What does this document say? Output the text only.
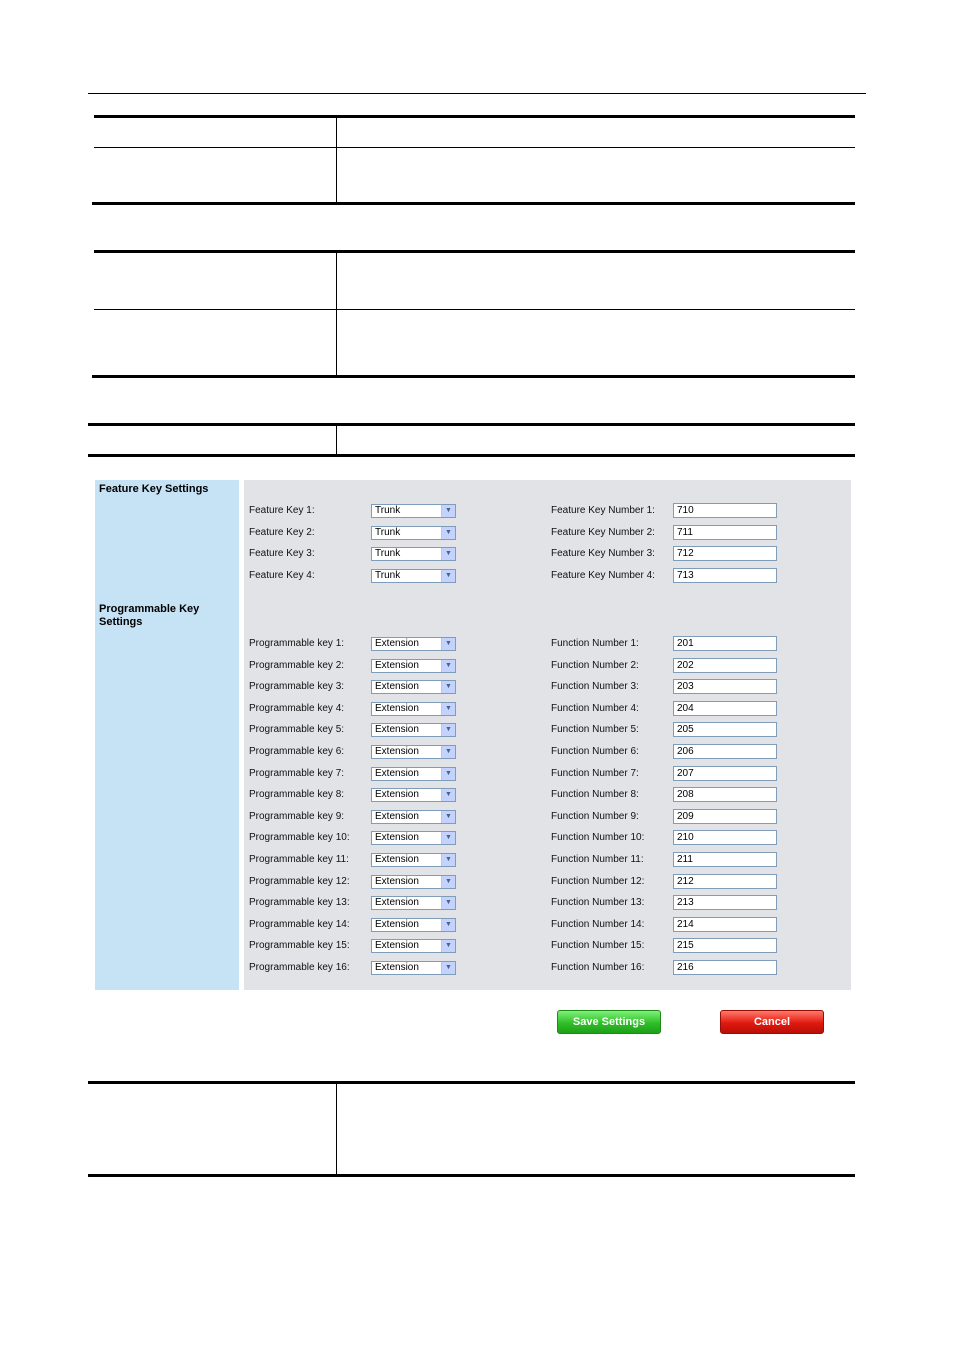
Feature Key Settings
Programmable Key Settings
Feature Key 1:	Trunk	▼	Feature Key Number 1:	710
Feature Key 2:	Trunk	▼	Feature Key Number 2:	711
Feature Key 3:	Trunk	▼	Feature Key Number 3:	712
Feature Key 4:	Trunk	▼	Feature Key Number 4:	713
Programmable key 1:	Extension	▼	Function Number 1:	201
Programmable key 2:	Extension	▼	Function Number 2:	202
Programmable key 3:	Extension	▼	Function Number 3:	203
Programmable key 4:	Extension	▼	Function Number 4:	204
Programmable key 5:	Extension	▼	Function Number 5:	205
Programmable key 6:	Extension	▼	Function Number 6:	206
Programmable key 7:	Extension	▼	Function Number 7:	207
Programmable key 8:	Extension	▼	Function Number 8:	208
Programmable key 9:	Extension	▼	Function Number 9:	209
Programmable key 10:	Extension	▼	Function Number 10:	210
Programmable key 11:	Extension	▼	Function Number 11:	211
Programmable key 12:	Extension	▼	Function Number 12:	212
Programmable key 13:	Extension	▼	Function Number 13:	213
Programmable key 14:	Extension	▼	Function Number 14:	214
Programmable key 15:	Extension	▼	Function Number 15:	215
Programmable key 16:	Extension	▼	Function Number 16:	216
Save Settings	Cancel
